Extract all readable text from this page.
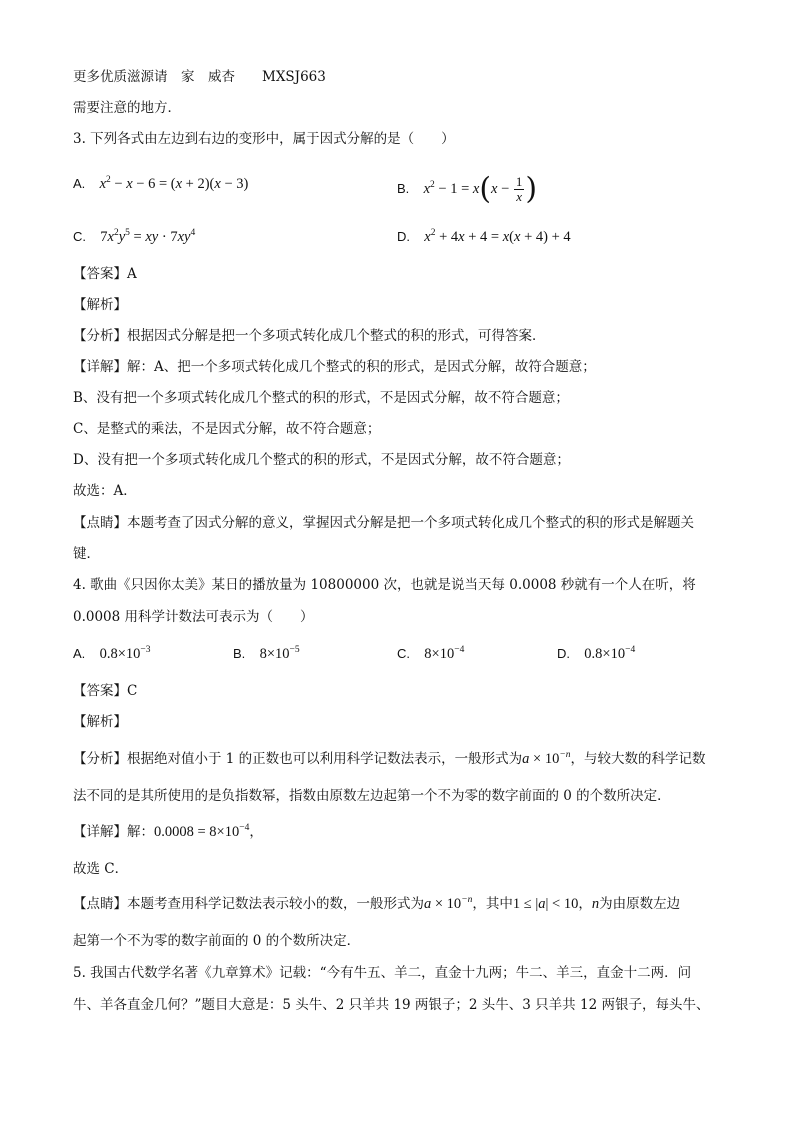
更多优质滋源请　家　威杏　　MXSJ663
需要注意的地方．
3. 下列各式由左边到右边的变形中，属于因式分解的是（　　）
A. $x^2 - x - 6 = (x + 2)(x - 3)$	B. $x^2 - 1 = x(x - \frac{1}{x}$ )
C. $7x^2y^5$ = xy · $7xy^4$	D. $x^2 + 4x + 4 = x(x + 4) + 4$
【答案】A
【解析】
【分析】根据因式分解是把一个多项式转化成几个整式的积的形式，可得答案．
【详解】解：A、把一个多项式转化成几个整式的积的形式，是因式分解，故符合题意；
B、没有把一个多项式转化成几个整式的积的形式，不是因式分解，故不符合题意；
C、是整式的乘法，不是因式分解，故不符合题意；
D、没有把一个多项式转化成几个整式的积的形式，不是因式分解，故不符合题意；
故选：A．
【点睛】本题考查了因式分解的意义，掌握因式分解是把一个多项式转化成几个整式的积的形式是解题关
键．
4. 歌曲《只因你太美》某日的播放量为 10800000 次，也就是说当天每 0.0008 秒就有一个人在听，将
0.0008 用科学计数法可表示为（　　）
A. $0.8\times 10^{-3}$	B. $8\times 10^{-5}$	C. $8\times 10^{-4}$	D. $0.8\times 10^{-4}$
【答案】C
【解析】
【分析】根据绝对值小于 1 的正数也可以利用科学记数法表示，一般形式为$a \times 10^{-n}$，与较大数的科学记数
法不同的是其所使用的是负指数幂，指数由原数左边起第一个不为零的数字前面的 0 的个数所决定．
【详解】解：$0.0008 = 8\times 10^{-4}$，
故选 C．
【点睛】本题考查用科学记数法表示较小的数，一般形式为$a \times 10^{-n}$，其中1 ≤ |a| < 10，n为由原数左边
起第一个不为零的数字前面的 0 的个数所决定．
5. 我国古代数学名著《九章算术》记载：“今有牛五、羊二，直金十九两；牛二、羊三，直金十二两．问
牛、羊各直金几何？”题目大意是：5 头牛、2 只羊共 19 两银子；2 头牛、3 只羊共 12 两银子，每头牛、
